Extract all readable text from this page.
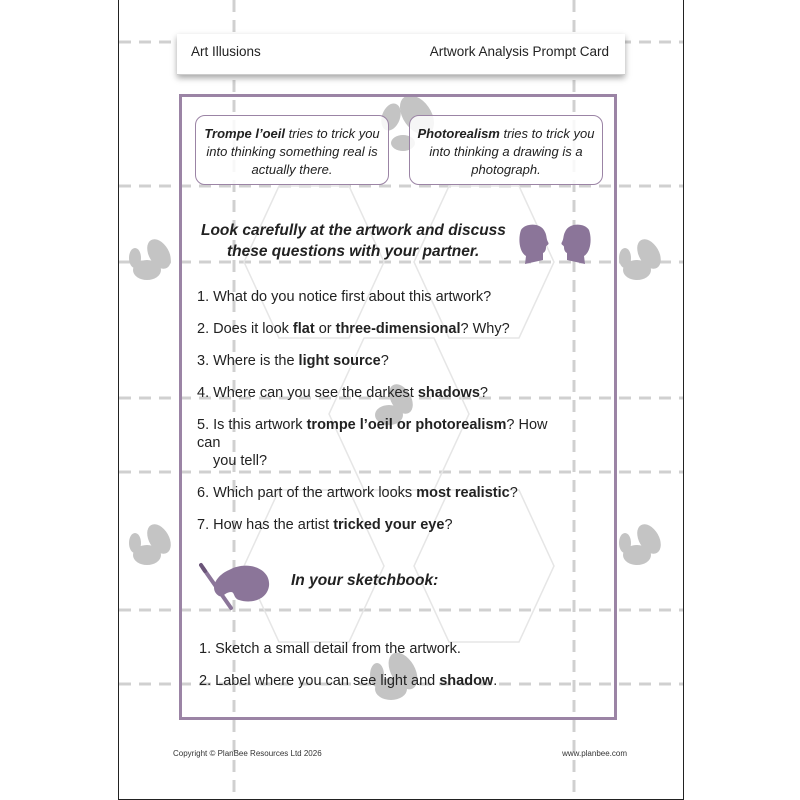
Art Illusions	Artwork Analysis Prompt Card
Trompe l’oeil tries to trick you
into thinking something real is
actually there.
Photorealism tries to trick you
into thinking a drawing is a
photograph.
Look carefully at the artwork and discuss
these questions with your partner.
1. What do you notice first about this artwork?
2. Does it look flat or three-dimensional? Why?
3. Where is the light source?
4. Where can you see the darkest shadows?
5. Is this artwork trompe l’oeil or photorealism? How can
you tell?
6. Which part of the artwork looks most realistic?
7. How has the artist tricked your eye?
In your sketchbook:
1. Sketch a small detail from the artwork.
2. Label where you can see light and shadow.
Copyright © PlanBee Resources Ltd 2026	www.planbee.com
